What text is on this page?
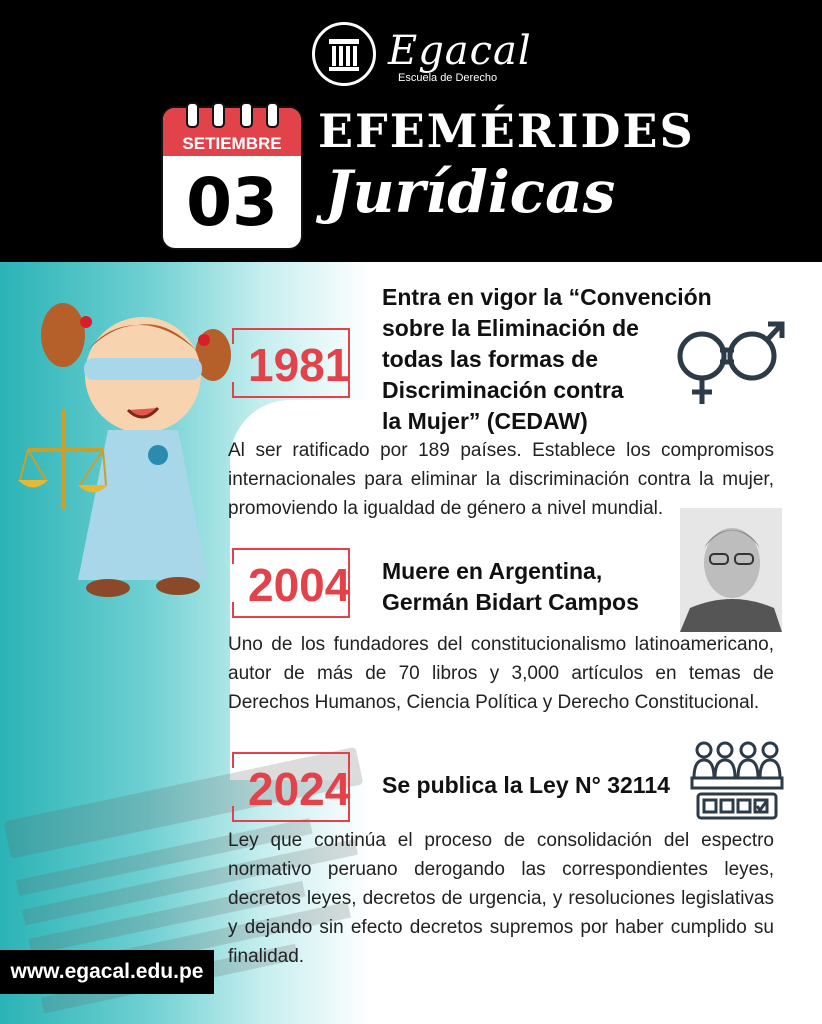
Egacal
Escuela de Derecho
SETIEMBRE
03
EFEMÉRIDES
Jurídicas
1981
Entra en vigor la “Convención
sobre la Eliminación de
todas las formas de
Discriminación contra
la Mujer” (CEDAW)
Al ser ratificado por 189 países. Establece los compromisos internacionales para eliminar la discriminación contra la mujer, promoviendo la igualdad de género a nivel mundial.
2004 Muere en Argentina,
Germán Bidart Campos
Uno de los fundadores del constitucionalismo latinoamericano, autor de más de 70 libros y 3,000 artículos en temas de Derechos Humanos, Ciencia Política y Derecho Constitucional.
2024 Se publica la Ley N° 32114
Ley que continúa el proceso de consolidación del espectro normativo peruano derogando las correspondientes leyes, decretos leyes, decretos de urgencia, y resoluciones legislativas y dejando sin efecto decretos supremos por haber cumplido su finalidad.
www.egacal.edu.pe
